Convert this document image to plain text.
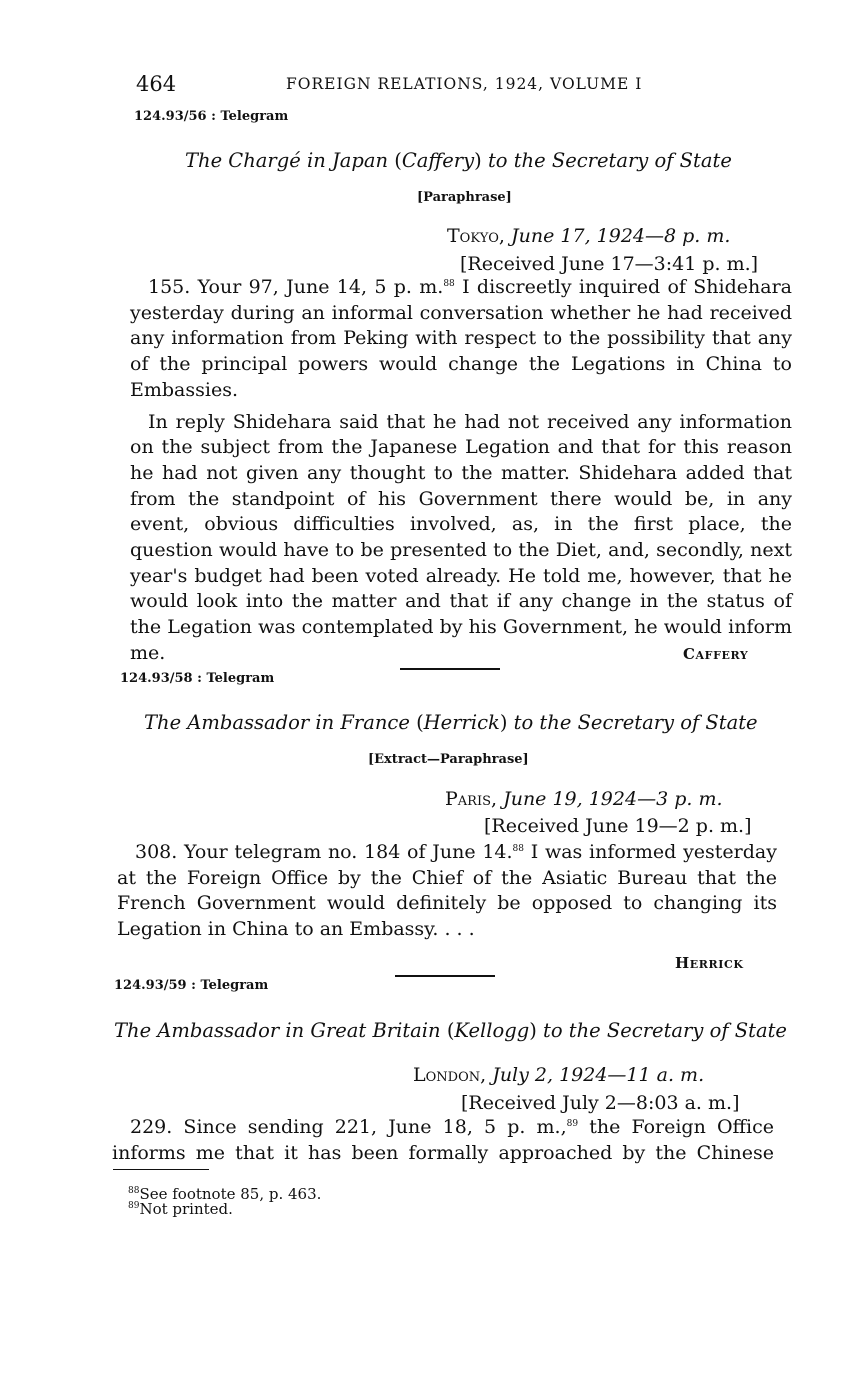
464	FOREIGN RELATIONS, 1924, VOLUME I
124.93/56 : Telegram
The Chargé in Japan (Caffery) to the Secretary of State
[Paraphrase]
Tokyo, June 17, 1924—8 p. m.
[Received June 17—3:41 p. m.]

155. Your 97, June 14, 5 p. m.$^{88}$ I discreetly inquired of Shidehara yesterday during an informal conversation whether he had received any information from Peking with respect to the possibility that any of the principal powers would change the Legations in China to Embassies.

In reply Shidehara said that he had not received any information on the subject from the Japanese Legation and that for this reason he had not given any thought to the matter. Shidehara added that from the standpoint of his Government there would be, in any event, obvious difficulties involved, as, in the first place, the question would have to be presented to the Diet, and, secondly, next year's budget had been voted already. He told me, however, that he would look into the matter and that if any change in the status of the Legation was contemplated by his Government, he would inform me.	Caffery
124.93/58 : Telegram
The Ambassador in France (Herrick) to the Secretary of State
[Extract—Paraphrase]
Paris, June 19, 1924—3 p. m.
[Received June 19—2 p. m.]

308. Your telegram no. 184 of June 14.88 I was informed yesterday at the Foreign Office by the Chief of the Asiatic Bureau that the French Government would definitely be opposed to changing its Legation in China to an Embassy. . . .

Herrick
124.93/59 : Telegram
The Ambassador in Great Britain (Kellogg) to the Secretary of State
London, July 2, 1924—11 a. m.
[Received July 2—8:03 a. m.]

229. Since sending 221, June 18, 5 p. m.,$^{89}$ the Foreign Office informs me that it has been formally approached by the Chinese

$^{88}$See footnote 85, p. 463.
$^{89}$Not printed.
